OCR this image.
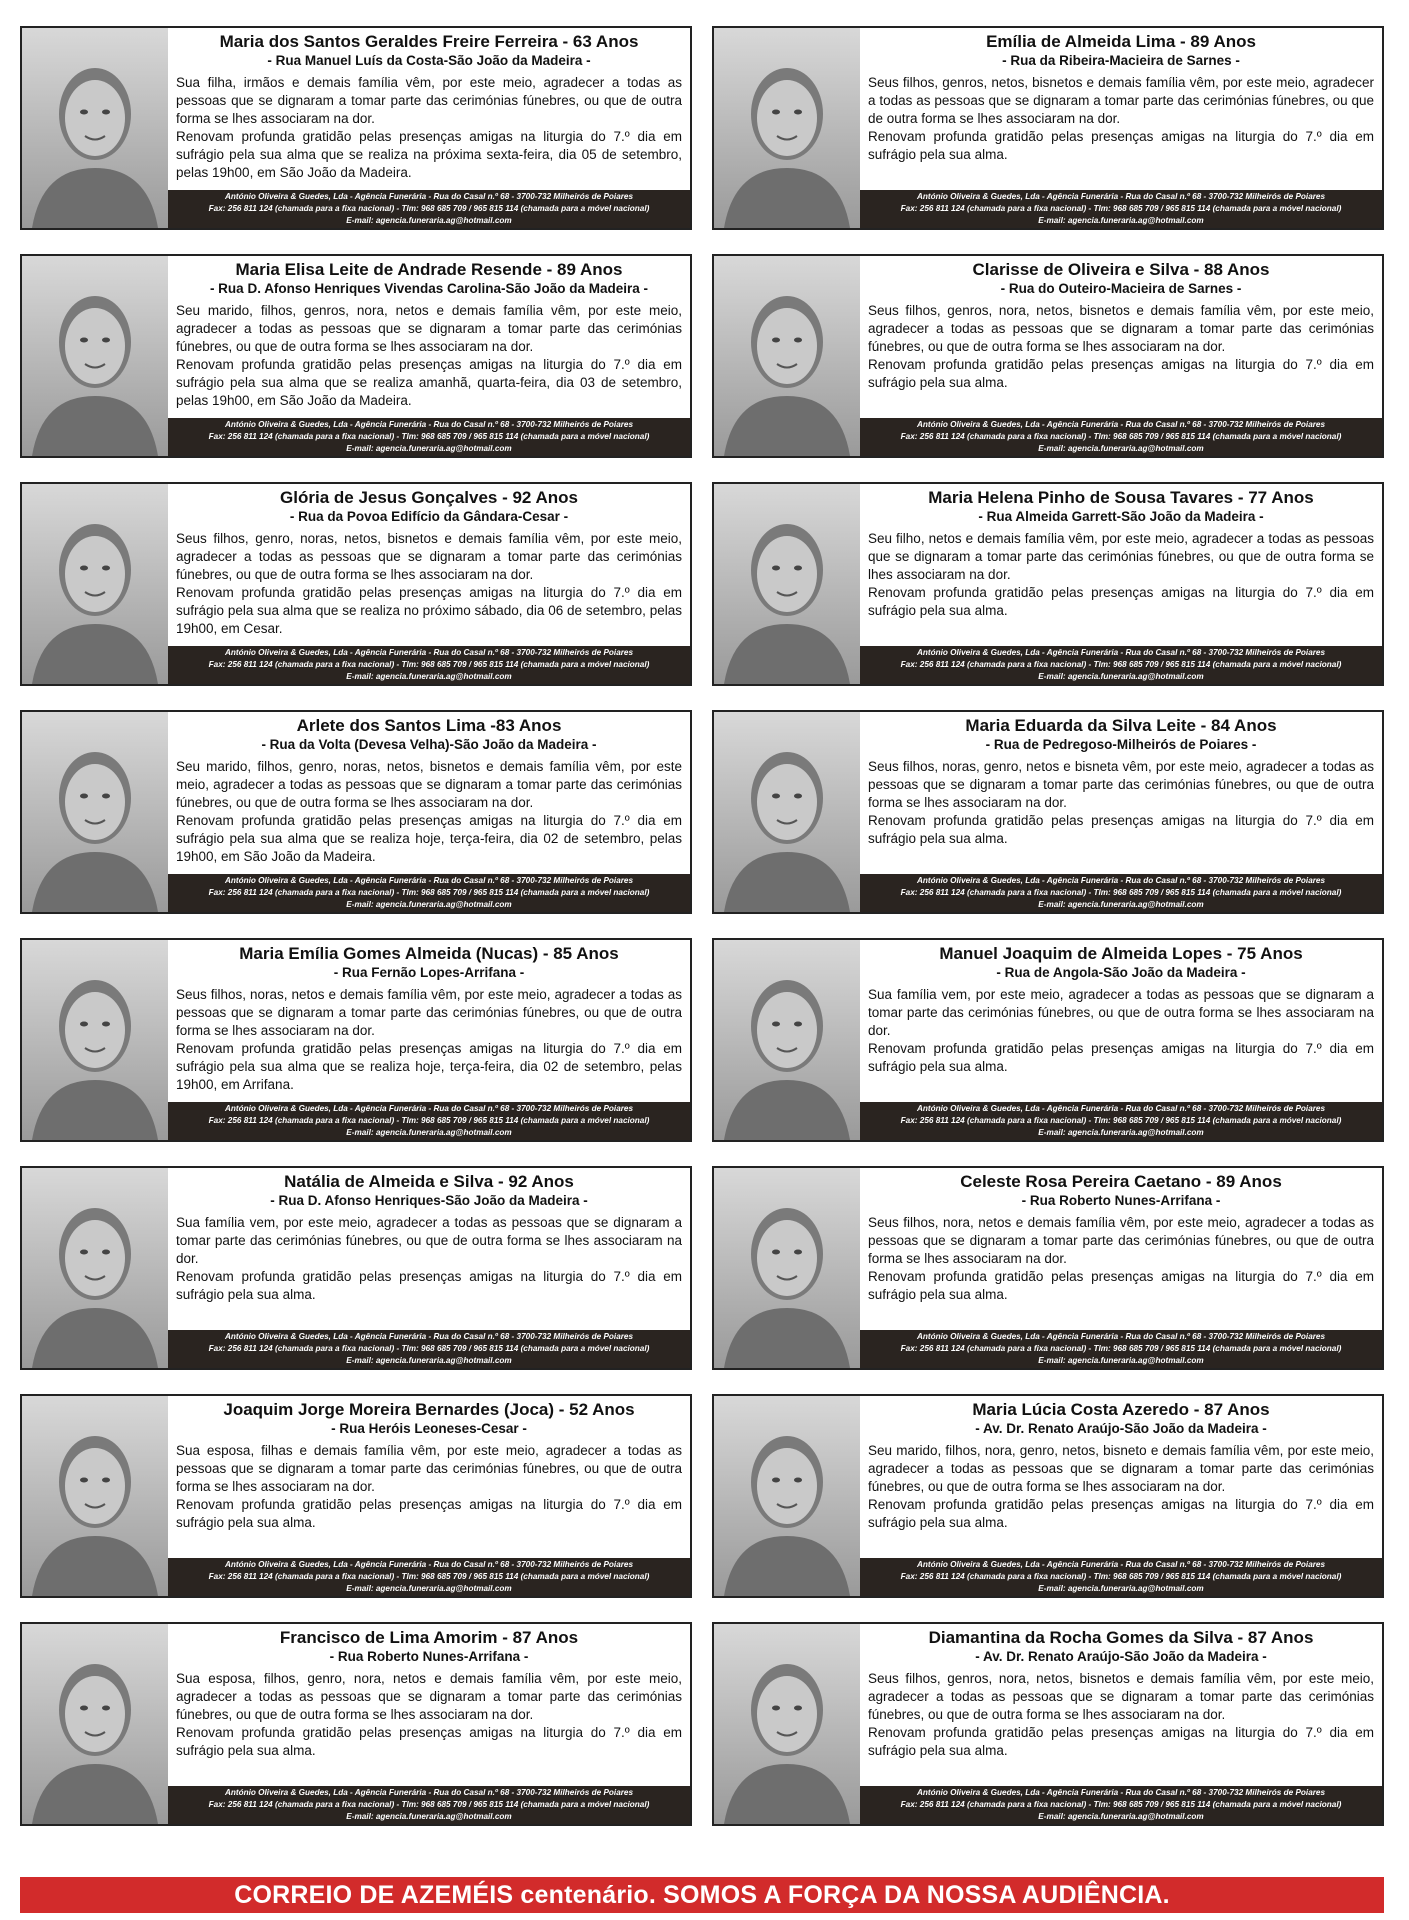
Maria dos Santos Geraldes Freire Ferreira - 63 Anos
- Rua Manuel Luís da Costa-São João da Madeira -
Sua filha, irmãos e demais família vêm, por este meio, agradecer a todas as pessoas que se dignaram a tomar parte das cerimónias fúnebres, ou que de outra forma se lhes associaram na dor.
Renovam profunda gratidão pelas presenças amigas na liturgia do 7.º dia em sufrágio pela sua alma que se realiza na próxima sexta-feira, dia 05 de setembro, pelas 19h00, em São João da Madeira.
António Oliveira & Guedes, Lda - Agência Funerária - Rua do Casal n.º 68 - 3700-732 Milheirós de Poiares
Fax: 256 811 124 (chamada para a fixa nacional) - Tlm: 968 685 709 / 965 815 114 (chamada para a móvel nacional)
E-mail: agencia.funeraria.ag@hotmail.com
Emília de Almeida Lima - 89 Anos
- Rua da Ribeira-Macieira de Sarnes -
Seus filhos, genros, netos, bisnetos e demais família vêm, por este meio, agradecer a todas as pessoas que se dignaram a tomar parte das cerimónias fúnebres, ou que de outra forma se lhes associaram na dor.
Renovam profunda gratidão pelas presenças amigas na liturgia do 7.º dia em sufrágio pela sua alma.
António Oliveira & Guedes, Lda - Agência Funerária - Rua do Casal n.º 68 - 3700-732 Milheirós de Poiares
Fax: 256 811 124 (chamada para a fixa nacional) - Tlm: 968 685 709 / 965 815 114 (chamada para a móvel nacional)
E-mail: agencia.funeraria.ag@hotmail.com
Maria Elisa Leite de Andrade Resende - 89 Anos
- Rua D. Afonso Henriques Vivendas Carolina-São João da Madeira -
Seu marido, filhos, genros, nora, netos e demais família vêm, por este meio, agradecer a todas as pessoas que se dignaram a tomar parte das cerimónias fúnebres, ou que de outra forma se lhes associaram na dor.
Renovam profunda gratidão pelas presenças amigas na liturgia do 7.º dia em sufrágio pela sua alma que se realiza amanhã, quarta-feira, dia 03 de setembro, pelas 19h00, em São João da Madeira.
António Oliveira & Guedes, Lda - Agência Funerária - Rua do Casal n.º 68 - 3700-732 Milheirós de Poiares
Fax: 256 811 124 (chamada para a fixa nacional) - Tlm: 968 685 709 / 965 815 114 (chamada para a móvel nacional)
E-mail: agencia.funeraria.ag@hotmail.com
Clarisse de Oliveira e Silva - 88 Anos
- Rua do Outeiro-Macieira de Sarnes -
Seus filhos, genros, nora, netos, bisnetos e demais família vêm, por este meio, agradecer a todas as pessoas que se dignaram a tomar parte das cerimónias fúnebres, ou que de outra forma se lhes associaram na dor.
Renovam profunda gratidão pelas presenças amigas na liturgia do 7.º dia em sufrágio pela sua alma.
António Oliveira & Guedes, Lda - Agência Funerária - Rua do Casal n.º 68 - 3700-732 Milheirós de Poiares
Fax: 256 811 124 (chamada para a fixa nacional) - Tlm: 968 685 709 / 965 815 114 (chamada para a móvel nacional)
E-mail: agencia.funeraria.ag@hotmail.com
Glória de Jesus Gonçalves - 92 Anos
- Rua da Povoa Edifício da Gândara-Cesar -
Seus filhos, genro, noras, netos, bisnetos e demais família vêm, por este meio, agradecer a todas as pessoas que se dignaram a tomar parte das cerimónias fúnebres, ou que de outra forma se lhes associaram na dor.
Renovam profunda gratidão pelas presenças amigas na liturgia do 7.º dia em sufrágio pela sua alma que se realiza no próximo sábado, dia 06 de setembro, pelas 19h00, em Cesar.
António Oliveira & Guedes, Lda - Agência Funerária - Rua do Casal n.º 68 - 3700-732 Milheirós de Poiares
Fax: 256 811 124 (chamada para a fixa nacional) - Tlm: 968 685 709 / 965 815 114 (chamada para a móvel nacional)
E-mail: agencia.funeraria.ag@hotmail.com
Maria Helena Pinho de Sousa Tavares - 77 Anos
- Rua Almeida Garrett-São João da Madeira -
Seu filho, netos e demais família vêm, por este meio, agradecer a todas as pessoas que se dignaram a tomar parte das cerimónias fúnebres, ou que de outra forma se lhes associaram na dor.
Renovam profunda gratidão pelas presenças amigas na liturgia do 7.º dia em sufrágio pela sua alma.
António Oliveira & Guedes, Lda - Agência Funerária - Rua do Casal n.º 68 - 3700-732 Milheirós de Poiares
Fax: 256 811 124 (chamada para a fixa nacional) - Tlm: 968 685 709 / 965 815 114 (chamada para a móvel nacional)
E-mail: agencia.funeraria.ag@hotmail.com
Arlete dos Santos Lima -83 Anos
- Rua da Volta (Devesa Velha)-São João da Madeira -
Seu marido, filhos, genro, noras, netos, bisnetos e demais família vêm, por este meio, agradecer a todas as pessoas que se dignaram a tomar parte das cerimónias fúnebres, ou que de outra forma se lhes associaram na dor.
Renovam profunda gratidão pelas presenças amigas na liturgia do 7.º dia em sufrágio pela sua alma que se realiza hoje, terça-feira, dia 02 de setembro, pelas 19h00, em São João da Madeira.
António Oliveira & Guedes, Lda - Agência Funerária - Rua do Casal n.º 68 - 3700-732 Milheirós de Poiares
Fax: 256 811 124 (chamada para a fixa nacional) - Tlm: 968 685 709 / 965 815 114 (chamada para a móvel nacional)
E-mail: agencia.funeraria.ag@hotmail.com
Maria Eduarda da Silva Leite - 84 Anos
- Rua de Pedregoso-Milheirós de Poiares -
Seus filhos, noras, genro, netos e bisneta vêm, por este meio, agradecer a todas as pessoas que se dignaram a tomar parte das cerimónias fúnebres, ou que de outra forma se lhes associaram na dor.
Renovam profunda gratidão pelas presenças amigas na liturgia do 7.º dia em sufrágio pela sua alma.
António Oliveira & Guedes, Lda - Agência Funerária - Rua do Casal n.º 68 - 3700-732 Milheirós de Poiares
Fax: 256 811 124 (chamada para a fixa nacional) - Tlm: 968 685 709 / 965 815 114 (chamada para a móvel nacional)
E-mail: agencia.funeraria.ag@hotmail.com
Maria Emília Gomes Almeida (Nucas) - 85 Anos
- Rua Fernão Lopes-Arrifana -
Seus filhos, noras, netos e demais família vêm, por este meio, agradecer a todas as pessoas que se dignaram a tomar parte das cerimónias fúnebres, ou que de outra forma se lhes associaram na dor.
Renovam profunda gratidão pelas presenças amigas na liturgia do 7.º dia em sufrágio pela sua alma que se realiza hoje, terça-feira, dia 02 de setembro, pelas 19h00, em Arrifana.
António Oliveira & Guedes, Lda - Agência Funerária - Rua do Casal n.º 68 - 3700-732 Milheirós de Poiares
Fax: 256 811 124 (chamada para a fixa nacional) - Tlm: 968 685 709 / 965 815 114 (chamada para a móvel nacional)
E-mail: agencia.funeraria.ag@hotmail.com
Manuel Joaquim de Almeida Lopes - 75 Anos
- Rua de Angola-São João da Madeira -
Sua família vem, por este meio, agradecer a todas as pessoas que se dignaram a tomar parte das cerimónias fúnebres, ou que de outra forma se lhes associaram na dor.
Renovam profunda gratidão pelas presenças amigas na liturgia do 7.º dia em sufrágio pela sua alma.
António Oliveira & Guedes, Lda - Agência Funerária - Rua do Casal n.º 68 - 3700-732 Milheirós de Poiares
Fax: 256 811 124 (chamada para a fixa nacional) - Tlm: 968 685 709 / 965 815 114 (chamada para a móvel nacional)
E-mail: agencia.funeraria.ag@hotmail.com
Natália de Almeida e Silva - 92 Anos
- Rua D. Afonso Henriques-São João da Madeira -
Sua família vem, por este meio, agradecer a todas as pessoas que se dignaram a tomar parte das cerimónias fúnebres, ou que de outra forma se lhes associaram na dor.
Renovam profunda gratidão pelas presenças amigas na liturgia do 7.º dia em sufrágio pela sua alma.
António Oliveira & Guedes, Lda - Agência Funerária - Rua do Casal n.º 68 - 3700-732 Milheirós de Poiares
Fax: 256 811 124 (chamada para a fixa nacional) - Tlm: 968 685 709 / 965 815 114 (chamada para a móvel nacional)
E-mail: agencia.funeraria.ag@hotmail.com
Celeste Rosa Pereira Caetano - 89 Anos
- Rua Roberto Nunes-Arrifana -
Seus filhos, nora, netos e demais família vêm, por este meio, agradecer a todas as pessoas que se dignaram a tomar parte das cerimónias fúnebres, ou que de outra forma se lhes associaram na dor.
Renovam profunda gratidão pelas presenças amigas na liturgia do 7.º dia em sufrágio pela sua alma.
António Oliveira & Guedes, Lda - Agência Funerária - Rua do Casal n.º 68 - 3700-732 Milheirós de Poiares
Fax: 256 811 124 (chamada para a fixa nacional) - Tlm: 968 685 709 / 965 815 114 (chamada para a móvel nacional)
E-mail: agencia.funeraria.ag@hotmail.com
Joaquim Jorge Moreira Bernardes (Joca) - 52 Anos
- Rua Heróis Leoneses-Cesar -
Sua esposa, filhas e demais família vêm, por este meio, agradecer a todas as pessoas que se dignaram a tomar parte das cerimónias fúnebres, ou que de outra forma se lhes associaram na dor.
Renovam profunda gratidão pelas presenças amigas na liturgia do 7.º dia em sufrágio pela sua alma.
António Oliveira & Guedes, Lda - Agência Funerária - Rua do Casal n.º 68 - 3700-732 Milheirós de Poiares
Fax: 256 811 124 (chamada para a fixa nacional) - Tlm: 968 685 709 / 965 815 114 (chamada para a móvel nacional)
E-mail: agencia.funeraria.ag@hotmail.com
Maria Lúcia Costa Azeredo - 87 Anos
- Av. Dr. Renato Araújo-São João da Madeira -
Seu marido, filhos, nora, genro, netos, bisneto e demais família vêm, por este meio, agradecer a todas as pessoas que se dignaram a tomar parte das cerimónias fúnebres, ou que de outra forma se lhes associaram na dor.
Renovam profunda gratidão pelas presenças amigas na liturgia do 7.º dia em sufrágio pela sua alma.
António Oliveira & Guedes, Lda - Agência Funerária - Rua do Casal n.º 68 - 3700-732 Milheirós de Poiares
Fax: 256 811 124 (chamada para a fixa nacional) - Tlm: 968 685 709 / 965 815 114 (chamada para a móvel nacional)
E-mail: agencia.funeraria.ag@hotmail.com
Francisco de Lima Amorim - 87 Anos
- Rua Roberto Nunes-Arrifana -
Sua esposa, filhos, genro, nora, netos e demais família vêm, por este meio, agradecer a todas as pessoas que se dignaram a tomar parte das cerimónias fúnebres, ou que de outra forma se lhes associaram na dor.
Renovam profunda gratidão pelas presenças amigas na liturgia do 7.º dia em sufrágio pela sua alma.
António Oliveira & Guedes, Lda - Agência Funerária - Rua do Casal n.º 68 - 3700-732 Milheirós de Poiares
Fax: 256 811 124 (chamada para a fixa nacional) - Tlm: 968 685 709 / 965 815 114 (chamada para a móvel nacional)
E-mail: agencia.funeraria.ag@hotmail.com
Diamantina da Rocha Gomes da Silva - 87 Anos
- Av. Dr. Renato Araújo-São João da Madeira -
Seus filhos, genros, nora, netos, bisnetos e demais família vêm, por este meio, agradecer a todas as pessoas que se dignaram a tomar parte das cerimónias fúnebres, ou que de outra forma se lhes associaram na dor.
Renovam profunda gratidão pelas presenças amigas na liturgia do 7.º dia em sufrágio pela sua alma.
António Oliveira & Guedes, Lda - Agência Funerária - Rua do Casal n.º 68 - 3700-732 Milheirós de Poiares
Fax: 256 811 124 (chamada para a fixa nacional) - Tlm: 968 685 709 / 965 815 114 (chamada para a móvel nacional)
E-mail: agencia.funeraria.ag@hotmail.com
CORREIO DE AZEMÉIS centenário. SOMOS A FORÇA DA NOSSA AUDIÊNCIA.
